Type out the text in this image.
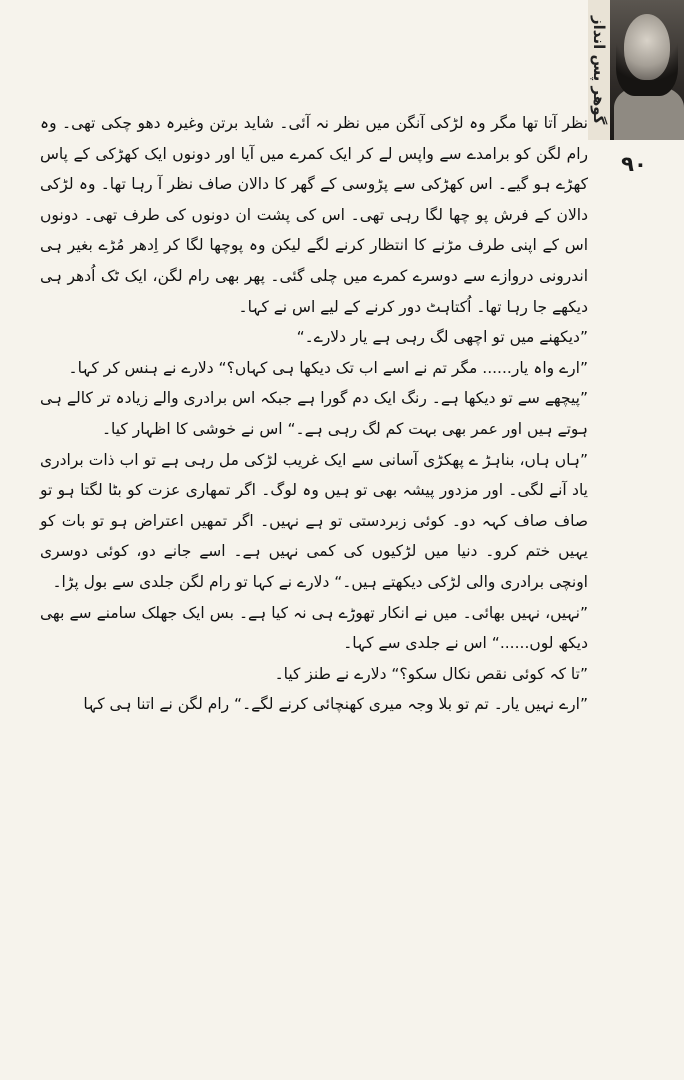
گوھر پس انداز
۹۰

نظر آتا تھا مگر وہ لڑکی آنگن میں نظر نہ آئی۔ شاید برتن وغیرہ دھو چکی تھی۔ وہ رام لگن کو برامدے سے واپس لے کر ایک کمرے میں آیا اور دونوں ایک کھڑکی کے پاس کھڑے ہو گیے۔ اس کھڑکی سے پڑوسی کے گھر کا دالان صاف نظر آ رہا تھا۔ وہ لڑکی دالان کے فرش پو چھا لگا رہی تھی۔ اس کی پشت ان دونوں کی طرف تھی۔ دونوں اس کے اپنی طرف مڑنے کا انتظار کرنے لگے لیکن وہ پوچھا لگا کر اِدھر مُڑے بغیر ہی اندرونی دروازے سے دوسرے کمرے میں چلی گئی۔ پھر بھی رام لگن، ایک ٹک اُدھر ہی دیکھے جا رہا تھا۔ اُکتاہٹ دور کرنے کے لیے اس نے کہا۔

”دیکھنے میں تو اچھی لگ رہی ہے یار دلارے۔“

”ارے واہ یار...... مگر تم نے اسے اب تک دیکھا ہی کہاں؟“ دلارے نے ہنس کر کہا۔

”پیچھے سے تو دیکھا ہے۔ رنگ ایک دم گورا ہے جبکہ اس برادری والے زیادہ تر کالے ہی ہوتے ہیں اور عمر بھی بہت کم لگ رہی ہے۔“ اس نے خوشی کا اظہار کیا۔

”ہاں ہاں، بناہڑ ے پھکڑی آسانی سے ایک غریب لڑکی مل رہی ہے تو اب ذات برادری یاد آنے لگی۔ اور مزدور پیشہ بھی تو ہیں وہ لوگ۔ اگر تمھاری عزت کو بٹا لگتا ہو تو صاف صاف کہہ دو۔ کوئی زبردستی تو ہے نہیں۔ اگر تمھیں اعتراض ہو تو بات کو یہیں ختم کرو۔ دنیا میں لڑکیوں کی کمی نہیں ہے۔ اسے جانے دو، کوئی دوسری اونچی برادری والی لڑکی دیکھتے ہیں۔“ دلارے نے کہا تو رام لگن جلدی سے بول پڑا۔

”نہیں، نہیں بھائی۔ میں نے انکار تھوڑے ہی نہ کیا ہے۔ بس ایک جھلک سامنے سے بھی دیکھ لوں......“ اس نے جلدی سے کہا۔

”تا کہ کوئی نقص نکال سکو؟“ دلارے نے طنز کیا۔

”ارے نہیں یار۔ تم تو بلا وجہ میری کھنچائی کرنے لگے۔“ رام لگن نے اتنا ہی کہا
